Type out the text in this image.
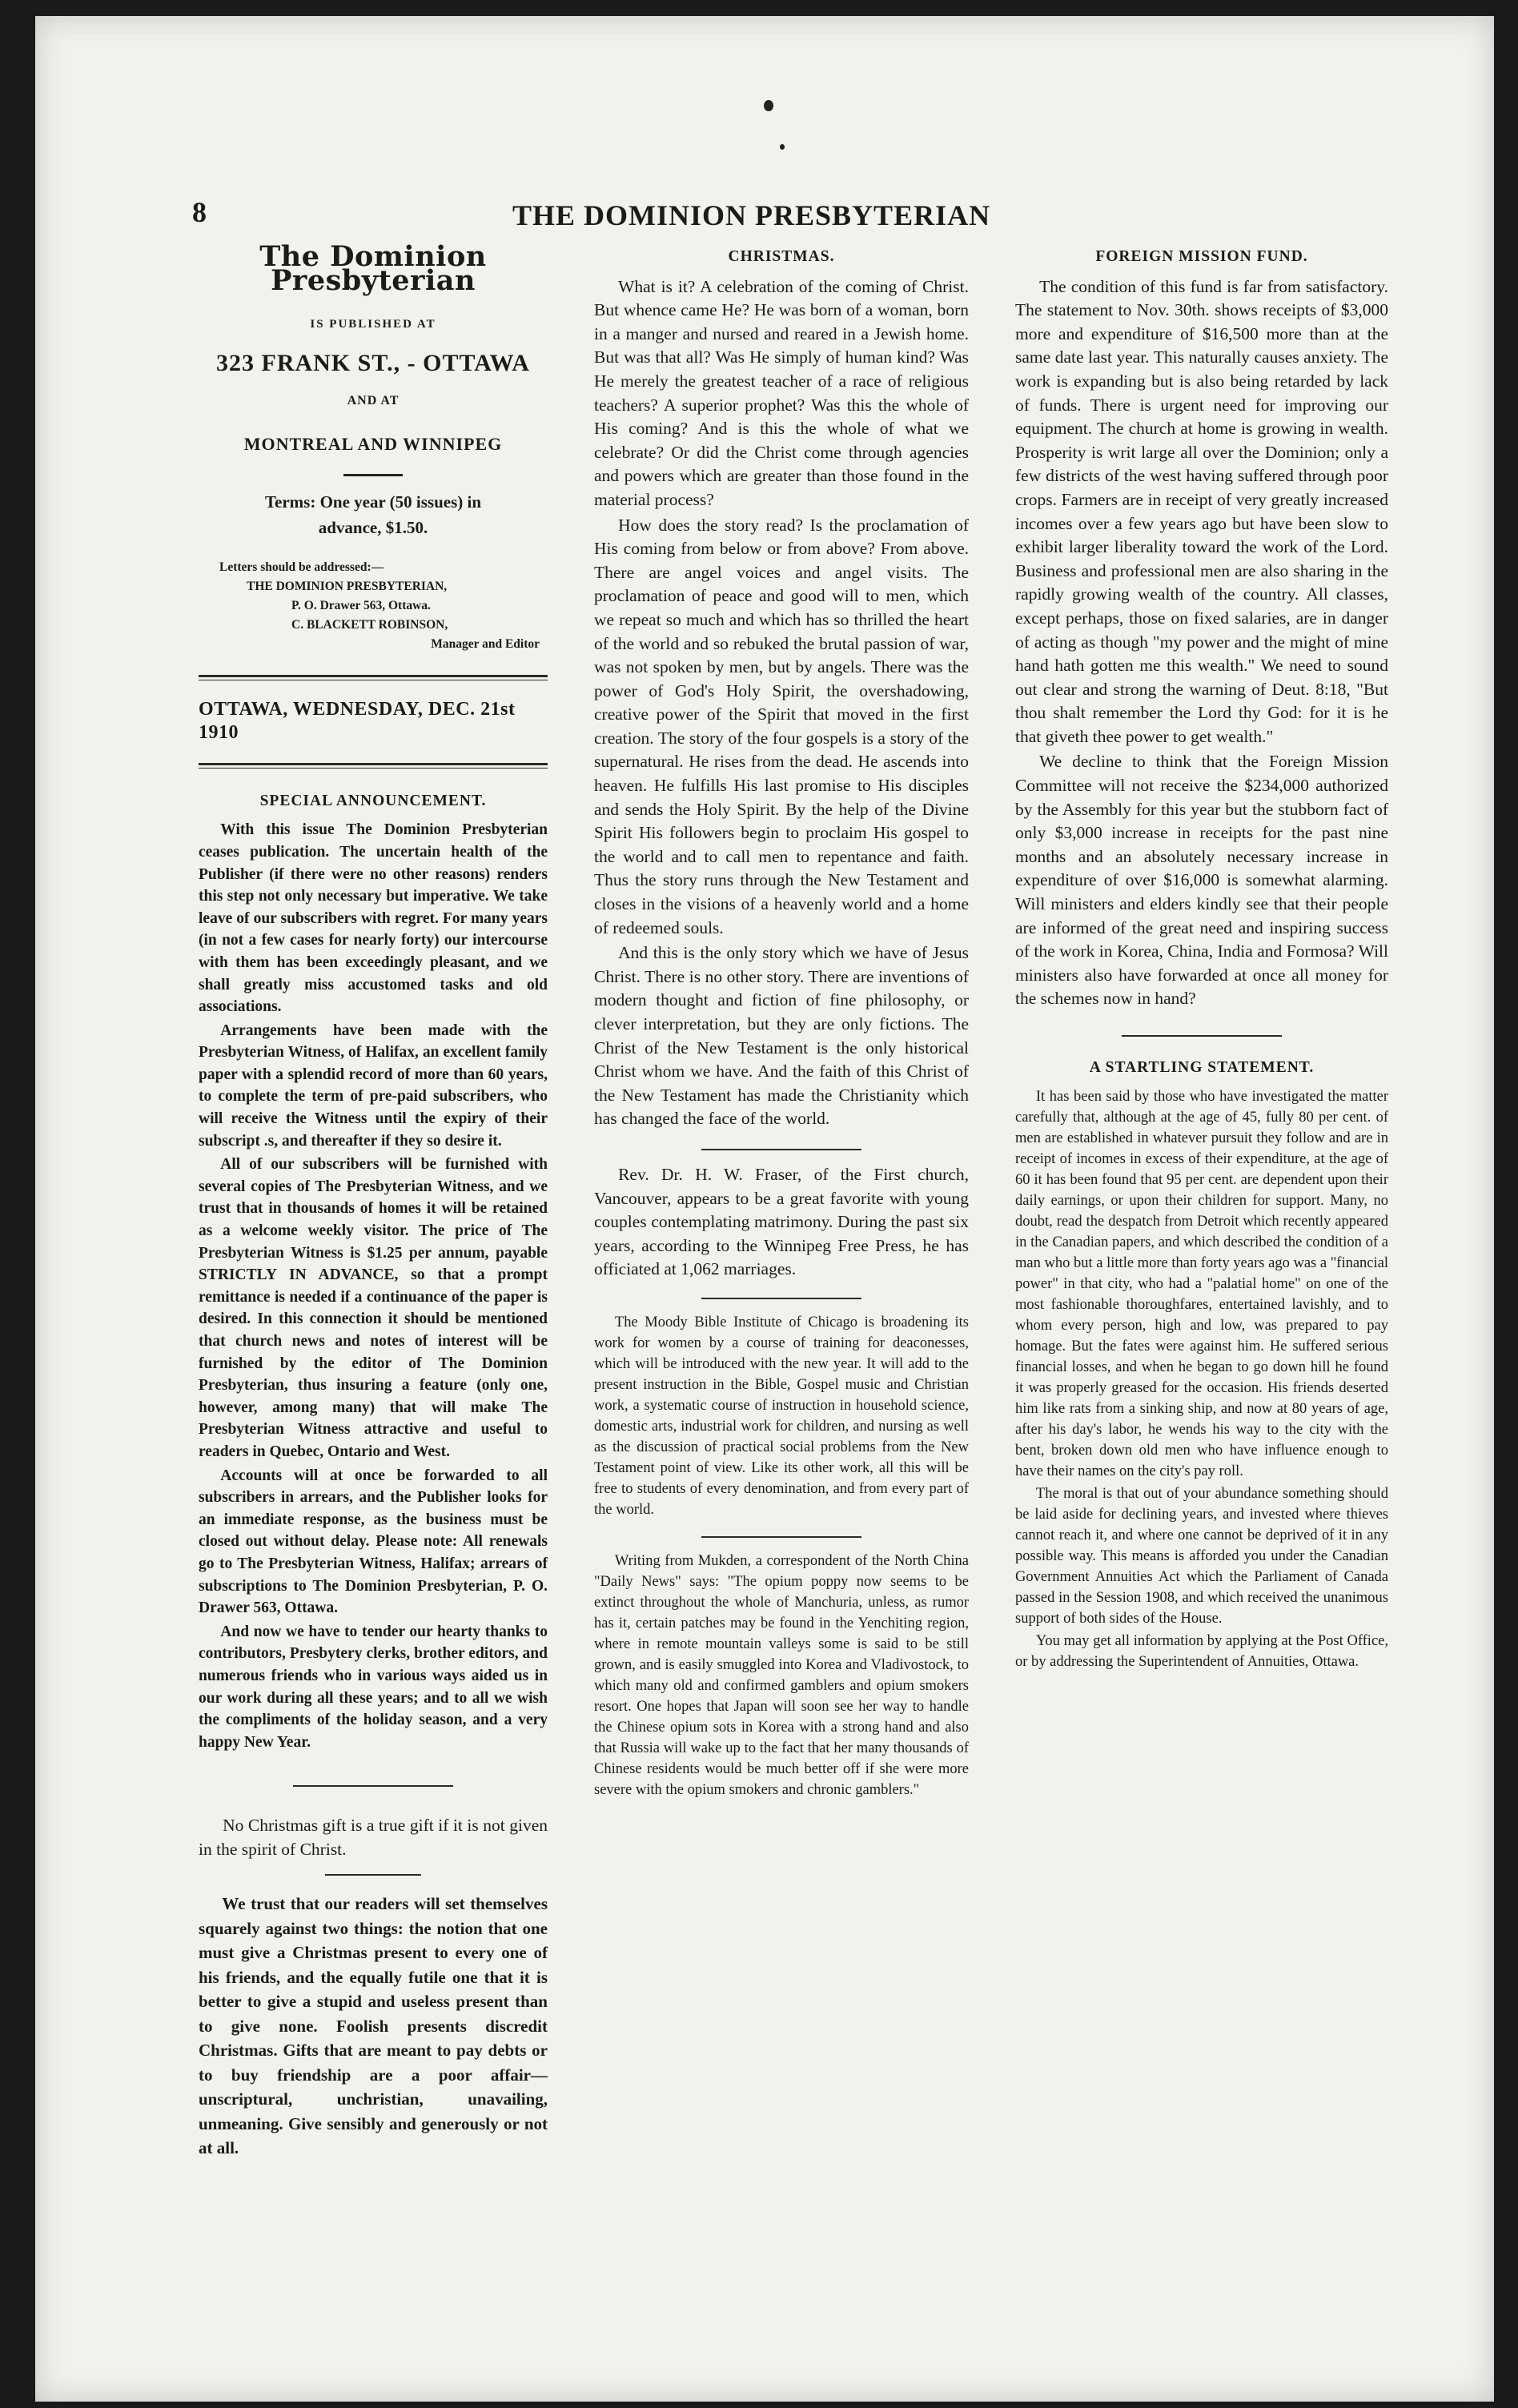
8	THE DOMINION PRESBYTERIAN
The Dominion Presbyterian
IS PUBLISHED AT
323 FRANK ST., - OTTAWA
AND AT
MONTREAL AND WINNIPEG
Terms: One year (50 issues) in
advance, $1.50.
Letters should be addressed:—
THE DOMINION PRESBYTERIAN,
P. O. Drawer 563, Ottawa.
C. BLACKETT ROBINSON,
Manager and Editor
OTTAWA, WEDNESDAY, DEC. 21st 1910
SPECIAL ANNOUNCEMENT.

With this issue The Dominion Presbyterian ceases publication. The uncertain health of the Publisher (if there were no other reasons) renders this step not only necessary but imperative. We take leave of our subscribers with regret. For many years (in not a few cases for nearly forty) our intercourse with them has been exceedingly pleasant, and we shall greatly miss accustomed tasks and old associations.

Arrangements have been made with the Presbyterian Witness, of Halifax, an excellent family paper with a splendid record of more than 60 years, to complete the term of pre-paid subscribers, who will receive the Witness until the expiry of their subscript .s, and thereafter if they so desire it.

All of our subscribers will be furnished with several copies of The Presbyterian Witness, and we trust that in thousands of homes it will be retained as a welcome weekly visitor. The price of The Presbyterian Witness is $1.25 per annum, payable STRICTLY IN ADVANCE, so that a prompt remittance is needed if a continuance of the paper is desired. In this connection it should be mentioned that church news and notes of interest will be furnished by the editor of The Dominion Presbyterian, thus insuring a feature (only one, however, among many) that will make The Presbyterian Witness attractive and useful to readers in Quebec, Ontario and West.

Accounts will at once be forwarded to all subscribers in arrears, and the Publisher looks for an immediate response, as the business must be closed out without delay. Please note: All renewals go to The Presbyterian Witness, Halifax; arrears of subscriptions to The Dominion Presbyterian, P. O. Drawer 563, Ottawa.

And now we have to tender our hearty thanks to contributors, Presbytery clerks, brother editors, and numerous friends who in various ways aided us in our work during all these years; and to all we wish the compliments of the holiday season, and a very happy New Year.

No Christmas gift is a true gift if it is not given in the spirit of Christ.

We trust that our readers will set themselves squarely against two things: the notion that one must give a Christmas present to every one of his friends, and the equally futile one that it is better to give a stupid and useless present than to give none. Foolish presents discredit Christmas. Gifts that are meant to pay debts or to buy friendship are a poor affair—unscriptural, unchristian, unavailing, unmeaning. Give sensibly and generously or not at all.

CHRISTMAS.

What is it? A celebration of the coming of Christ. But whence came He? He was born of a woman, born in a manger and nursed and reared in a Jewish home. But was that all? Was He simply of human kind? Was He merely the greatest teacher of a race of religious teachers? A superior prophet? Was this the whole of His coming? And is this the whole of what we celebrate? Or did the Christ come through agencies and powers which are greater than those found in the material process?

How does the story read? Is the proclamation of His coming from below or from above? From above. There are angel voices and angel visits. The proclamation of peace and good will to men, which we repeat so much and which has so thrilled the heart of the world and so rebuked the brutal passion of war, was not spoken by men, but by angels. There was the power of God's Holy Spirit, the overshadowing, creative power of the Spirit that moved in the first creation. The story of the four gospels is a story of the supernatural. He rises from the dead. He ascends into heaven. He fulfills His last promise to His disciples and sends the Holy Spirit. By the help of the Divine Spirit His followers begin to proclaim His gospel to the world and to call men to repentance and faith. Thus the story runs through the New Testament and closes in the visions of a heavenly world and a home of redeemed souls.

And this is the only story which we have of Jesus Christ. There is no other story. There are inventions of modern thought and fiction of fine philosophy, or clever interpretation, but they are only fictions. The Christ of the New Testament is the only historical Christ whom we have. And the faith of this Christ of the New Testament has made the Christianity which has changed the face of the world.

Rev. Dr. H. W. Fraser, of the First church, Vancouver, appears to be a great favorite with young couples contemplating matrimony. During the past six years, according to the Winnipeg Free Press, he has officiated at 1,062 marriages.

The Moody Bible Institute of Chicago is broadening its work for women by a course of training for deaconesses, which will be introduced with the new year. It will add to the present instruction in the Bible, Gospel music and Christian work, a systematic course of instruction in household science, domestic arts, industrial work for children, and nursing as well as the discussion of practical social problems from the New Testament point of view. Like its other work, all this will be free to students of every denomination, and from every part of the world.

Writing from Mukden, a correspondent of the North China "Daily News" says: "The opium poppy now seems to be extinct throughout the whole of Manchuria, unless, as rumor has it, certain patches may be found in the Yenchiting region, where in remote mountain valleys some is said to be still grown, and is easily smuggled into Korea and Vladivostock, to which many old and confirmed gamblers and opium smokers resort. One hopes that Japan will soon see her way to handle the Chinese opium sots in Korea with a strong hand and also that Russia will wake up to the fact that her many thousands of Chinese residents would be much better off if she were more severe with the opium smokers and chronic gamblers."

FOREIGN MISSION FUND.

The condition of this fund is far from satisfactory. The statement to Nov. 30th. shows receipts of $3,000 more and expenditure of $16,500 more than at the same date last year. This naturally causes anxiety. The work is expanding but is also being retarded by lack of funds. There is urgent need for improving our equipment. The church at home is growing in wealth. Prosperity is writ large all over the Dominion; only a few districts of the west having suffered through poor crops. Farmers are in receipt of very greatly increased incomes over a few years ago but have been slow to exhibit larger liberality toward the work of the Lord. Business and professional men are also sharing in the rapidly growing wealth of the country. All classes, except perhaps, those on fixed salaries, are in danger of acting as though "my power and the might of mine hand hath gotten me this wealth." We need to sound out clear and strong the warning of Deut. 8:18, "But thou shalt remember the Lord thy God: for it is he that giveth thee power to get wealth."

We decline to think that the Foreign Mission Committee will not receive the $234,000 authorized by the Assembly for this year but the stubborn fact of only $3,000 increase in receipts for the past nine months and an absolutely necessary increase in expenditure of over $16,000 is somewhat alarming. Will ministers and elders kindly see that their people are informed of the great need and inspiring success of the work in Korea, China, India and Formosa? Will ministers also have forwarded at once all money for the schemes now in hand?

A STARTLING STATEMENT.

It has been said by those who have investigated the matter carefully that, although at the age of 45, fully 80 per cent. of men are established in whatever pursuit they follow and are in receipt of incomes in excess of their expenditure, at the age of 60 it has been found that 95 per cent. are dependent upon their daily earnings, or upon their children for support. Many, no doubt, read the despatch from Detroit which recently appeared in the Canadian papers, and which described the condition of a man who but a little more than forty years ago was a "financial power" in that city, who had a "palatial home" on one of the most fashionable thoroughfares, entertained lavishly, and to whom every person, high and low, was prepared to pay homage. But the fates were against him. He suffered serious financial losses, and when he began to go down hill he found it was properly greased for the occasion. His friends deserted him like rats from a sinking ship, and now at 80 years of age, after his day's labor, he wends his way to the city with the bent, broken down old men who have influence enough to have their names on the city's pay roll.

The moral is that out of your abundance something should be laid aside for declining years, and invested where thieves cannot reach it, and where one cannot be deprived of it in any possible way. This means is afforded you under the Canadian Government Annuities Act which the Parliament of Canada passed in the Session 1908, and which received the unanimous support of both sides of the House.

You may get all information by applying at the Post Office, or by addressing the Superintendent of Annuities, Ottawa.
